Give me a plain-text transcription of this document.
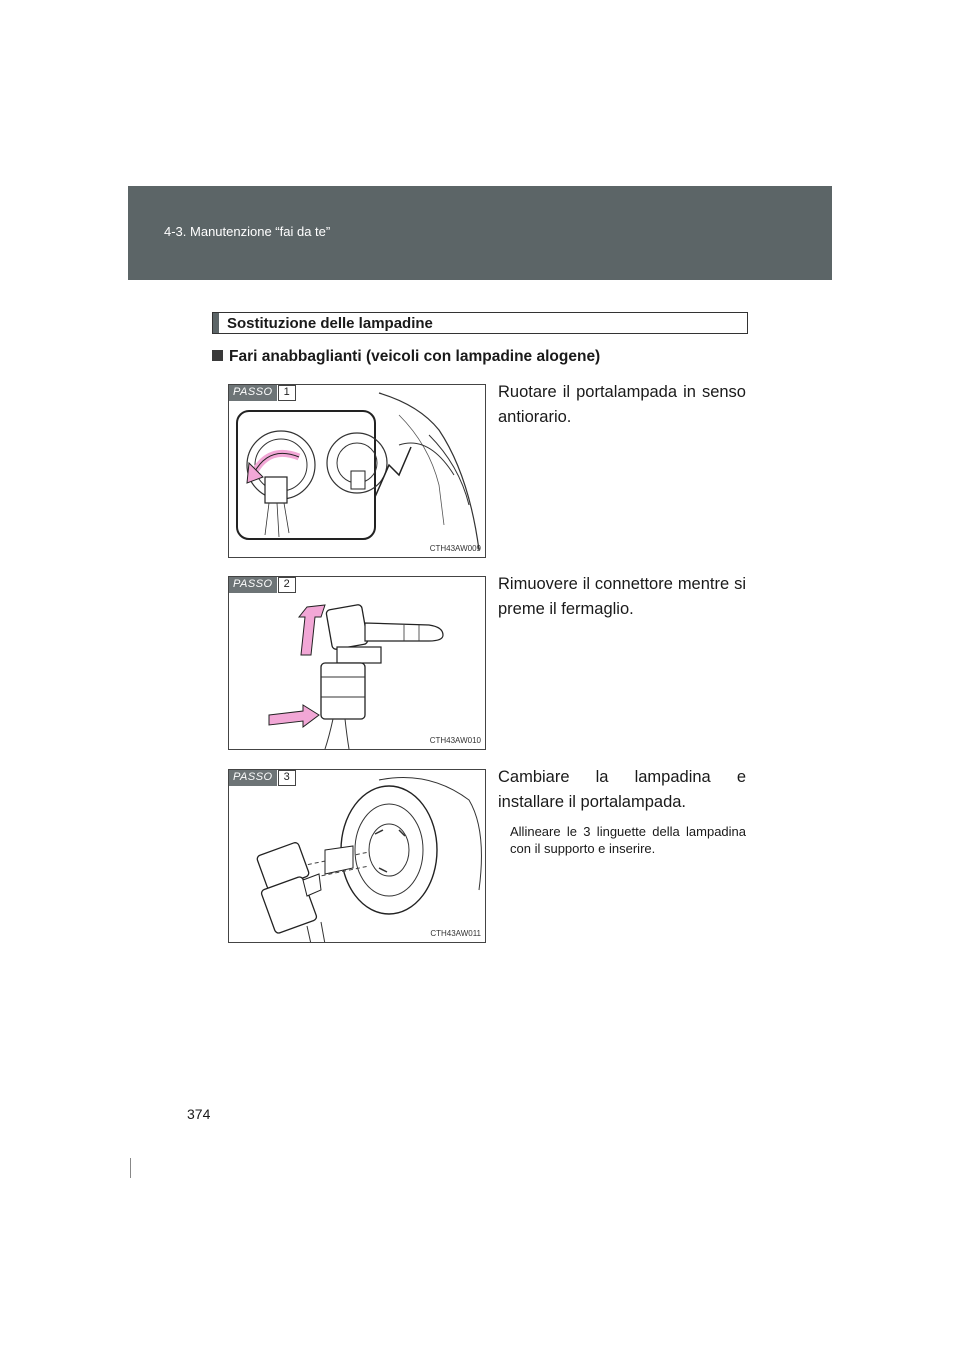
4-3. Manutenzione “fai da te”
Sostituzione delle lampadine
Fari anabbaglianti (veicoli con lampadine alogene)
PASSO	1
CTH43AW009
Ruotare il portalampada in senso antiorario.
PASSO	2
CTH43AW010
Rimuovere il connettore mentre si preme il fermaglio.
PASSO	3
CTH43AW011
Cambiare la lampadina e installare il portalampada.
Allineare le 3 linguette della lampadina con il supporto e inserire.
374
